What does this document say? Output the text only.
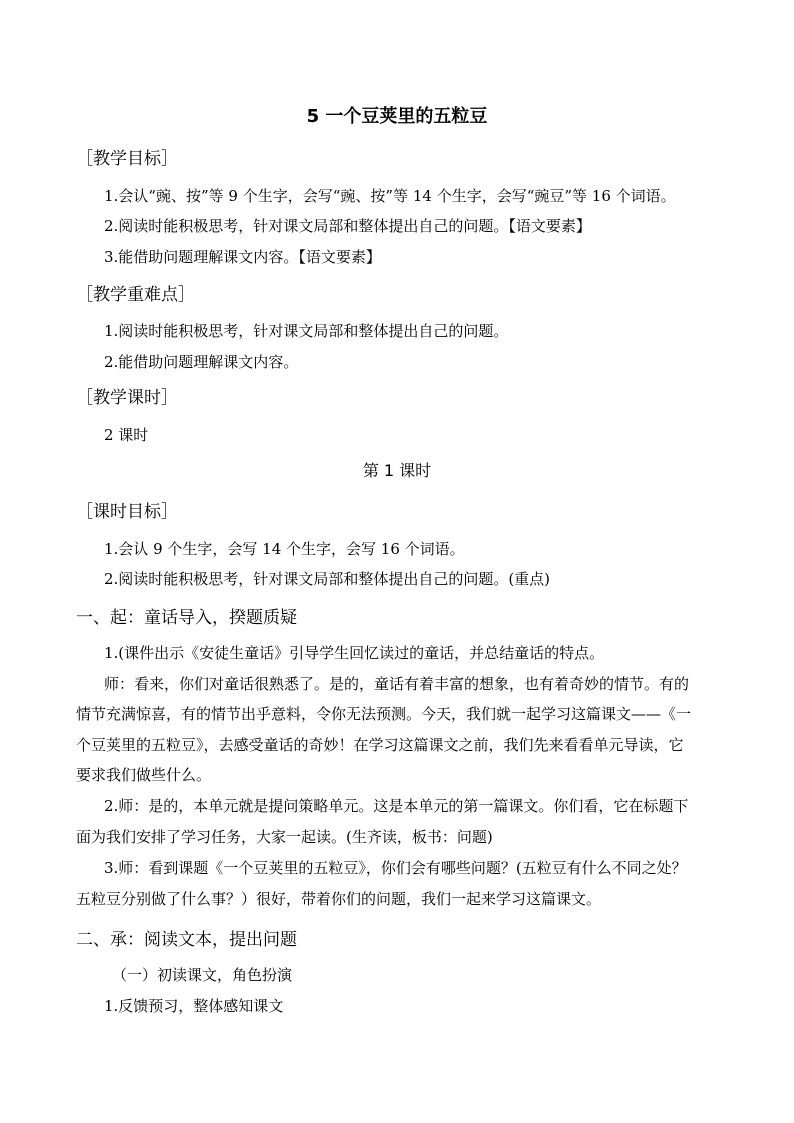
5 一个豆荚里的五粒豆
［教学目标］
1.会认“豌、按”等 9 个生字，会写“豌、按”等 14 个生字，会写“豌豆”等 16 个词语。
2.阅读时能积极思考，针对课文局部和整体提出自己的问题。【语文要素】
3.能借助问题理解课文内容。【语文要素】
［教学重难点］
1.阅读时能积极思考，针对课文局部和整体提出自己的问题。
2.能借助问题理解课文内容。
［教学课时］
2 课时
第 1 课时
［课时目标］
1.会认 9 个生字，会写 14 个生字，会写 16 个词语。
2.阅读时能积极思考，针对课文局部和整体提出自己的问题。(重点)
一、起：童话导入，揆题质疑
1.(课件出示《安徒生童话》引导学生回忆读过的童话，并总结童话的特点。
师：看来，你们对童话很熟悉了。是的，童话有着丰富的想象，也有着奇妙的情节。有的
情节充满惊喜，有的情节出乎意料，令你无法预测。今天，我们就一起学习这篇课文——《一
个豆荚里的五粒豆》，去感受童话的奇妙！在学习这篇课文之前，我们先来看看单元导读，它
要求我们做些什么。
2.师：是的，本单元就是提问策略单元。这是本单元的第一篇课文。你们看，它在标题下
面为我们安排了学习任务，大家一起读。(生齐读，板书：问题)
3.师：看到课题《一个豆荚里的五粒豆》，你们会有哪些问题？(五粒豆有什么不同之处？
五粒豆分别做了什么事？）很好，带着你们的问题，我们一起来学习这篇课文。
二、承：阅读文本，提出问题
（一）初读课文，角色扮演
1.反馈预习，整体感知课文
